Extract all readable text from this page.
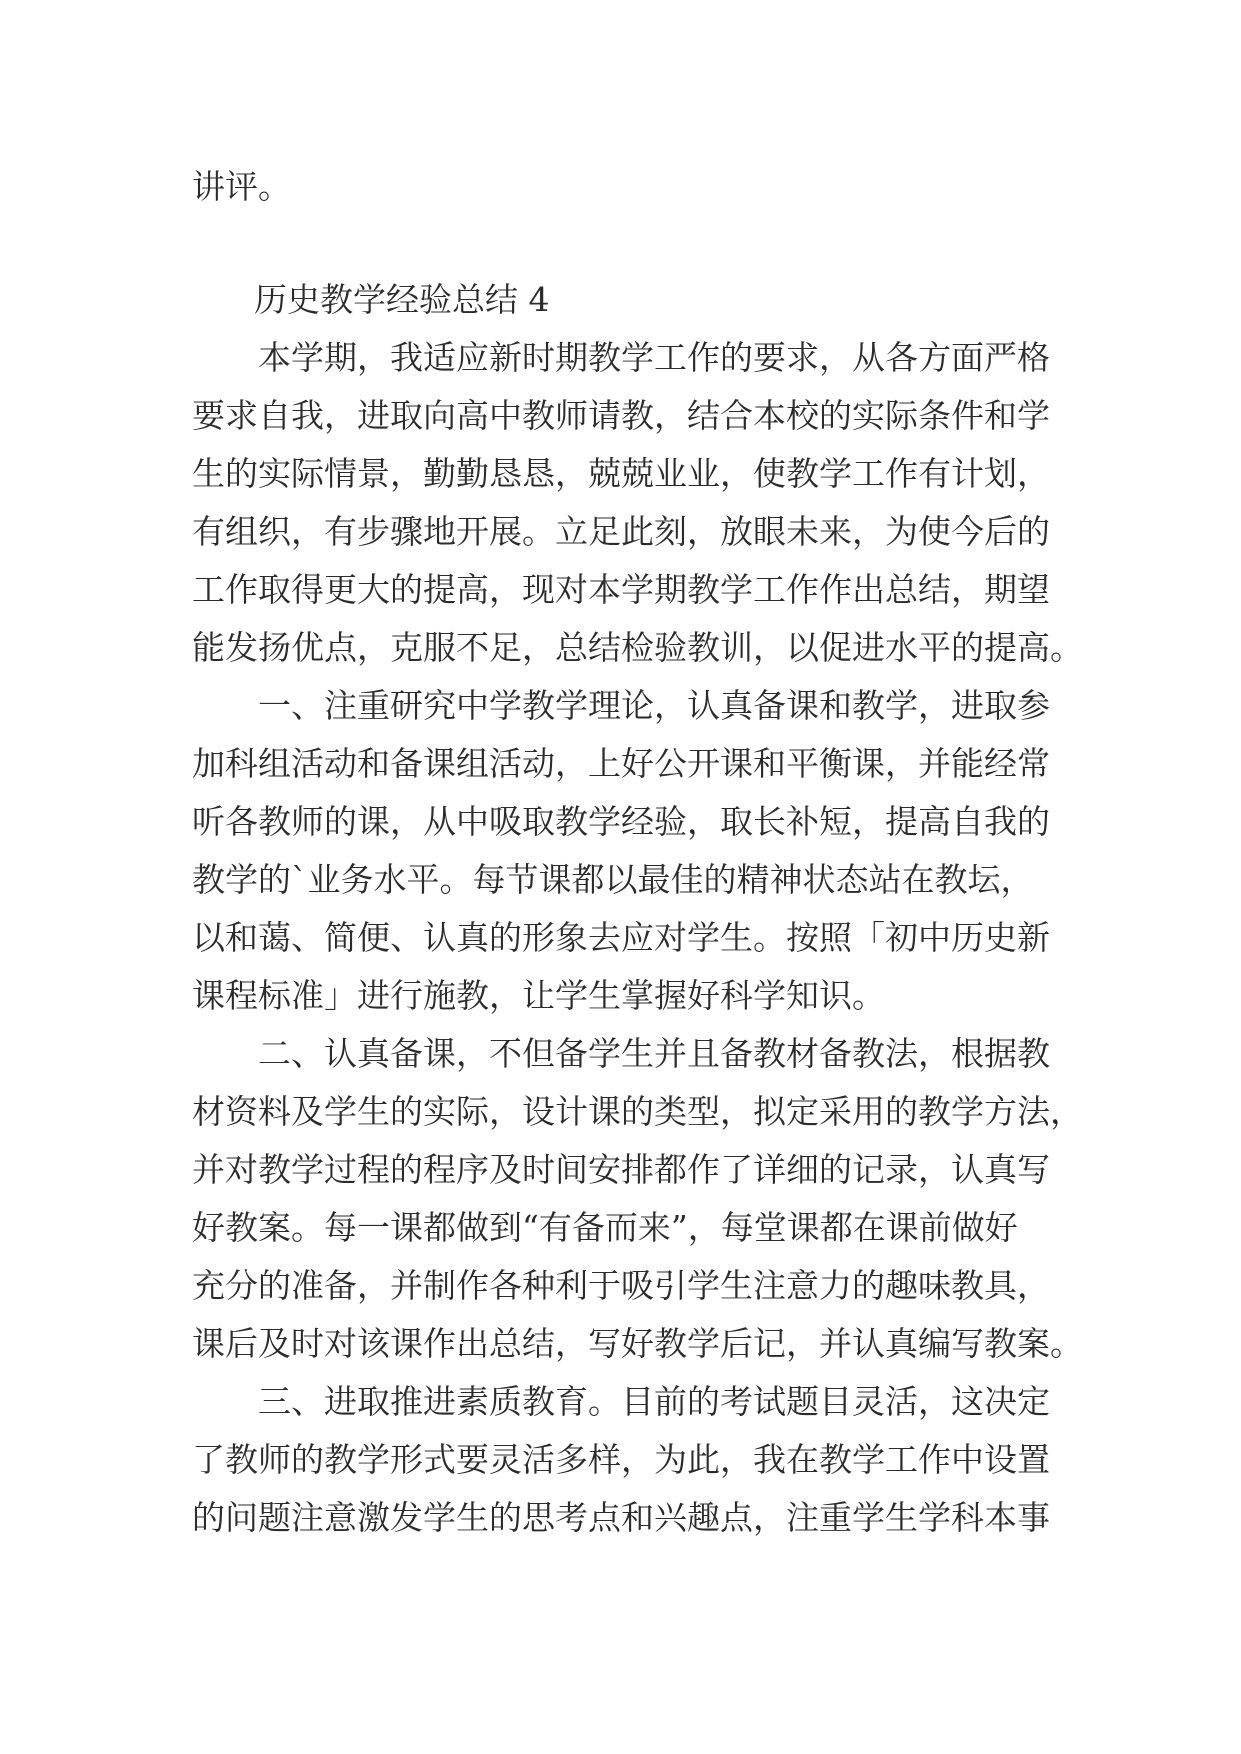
讲评。
历史教学经验总结 4
本学期，我适应新时期教学工作的要求，从各方面严格
要求自我，进取向高中教师请教，结合本校的实际条件和学
生的实际情景，勤勤恳恳，兢兢业业，使教学工作有计划，
有组织，有步骤地开展。立足此刻，放眼未来，为使今后的
工作取得更大的提高，现对本学期教学工作作出总结，期望
能发扬优点，克服不足，总结检验教训，以促进水平的提高。
一、注重研究中学教学理论，认真备课和教学，进取参
加科组活动和备课组活动，上好公开课和平衡课，并能经常
听各教师的课，从中吸取教学经验，取长补短，提高自我的
教学的`业务水平。每节课都以最佳的精神状态站在教坛，
以和蔼、简便、认真的形象去应对学生。按照「初中历史新
课程标准」进行施教，让学生掌握好科学知识。
二、认真备课，不但备学生并且备教材备教法，根据教
材资料及学生的实际，设计课的类型，拟定采用的教学方法，
并对教学过程的程序及时间安排都作了详细的记录，认真写
好教案。每一课都做到“有备而来”，每堂课都在课前做好
充分的准备，并制作各种利于吸引学生注意力的趣味教具，
课后及时对该课作出总结，写好教学后记，并认真编写教案。
三、进取推进素质教育。目前的考试题目灵活，这决定
了教师的教学形式要灵活多样，为此，我在教学工作中设置
的问题注意激发学生的思考点和兴趣点，注重学生学科本事
